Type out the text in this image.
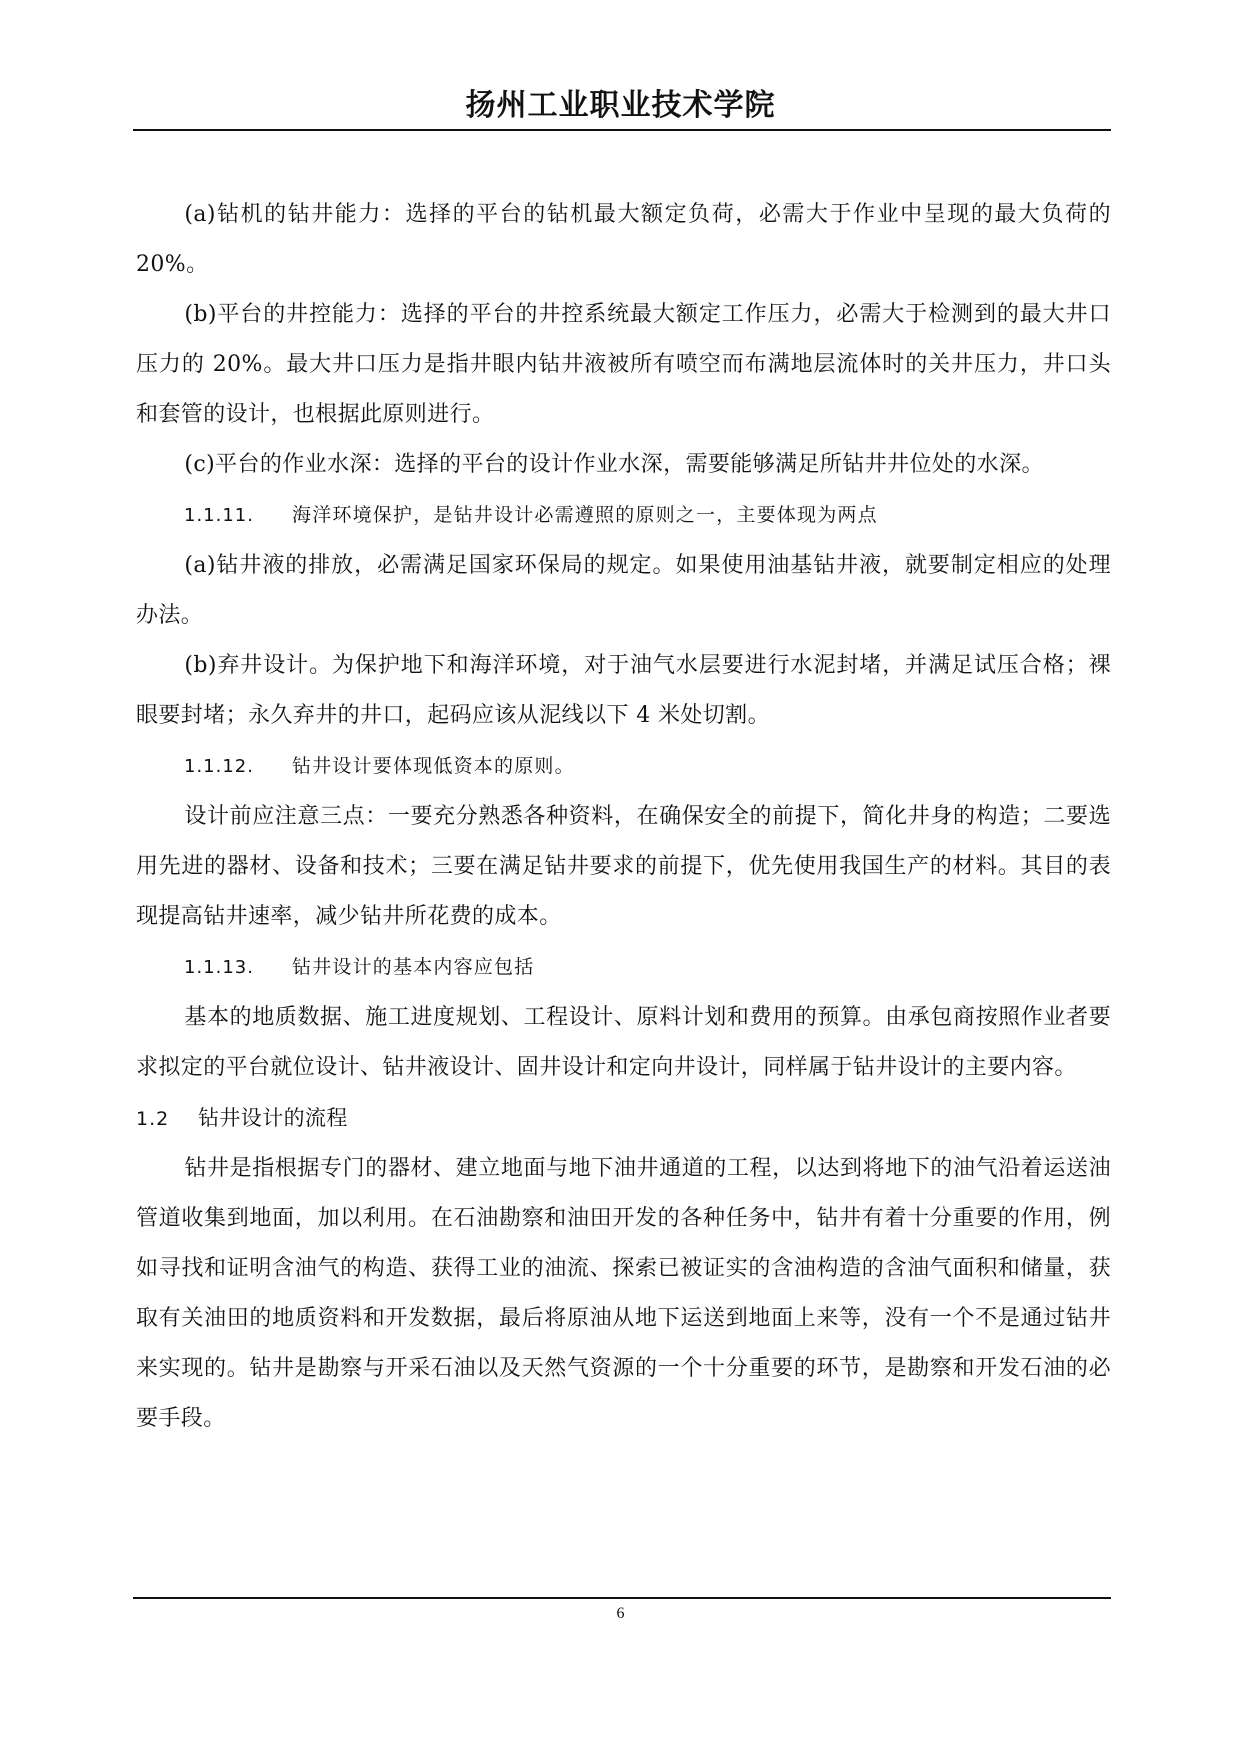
扬州工业职业技术学院

(a)钻机的钻井能力：选择的平台的钻机最大额定负荷，必需大于作业中呈现的最大负荷的 20%。

(b)平台的井控能力：选择的平台的井控系统最大额定工作压力，必需大于检测到的最大井口压力的 20%。最大井口压力是指井眼内钻井液被所有喷空而布满地层流体时的关井压力，井口头和套管的设计，也根据此原则进行。

(c)平台的作业水深：选择的平台的设计作业水深，需要能够满足所钻井井位处的水深。

1.1.11. 海洋环境保护，是钻井设计必需遵照的原则之一，主要体现为两点

(a)钻井液的排放，必需满足国家环保局的规定。如果使用油基钻井液，就要制定相应的处理办法。

(b)弃井设计。为保护地下和海洋环境，对于油气水层要进行水泥封堵，并满足试压合格；裸眼要封堵；永久弃井的井口，起码应该从泥线以下 4 米处切割。

1.1.12. 钻井设计要体现低资本的原则。

设计前应注意三点：一要充分熟悉各种资料，在确保安全的前提下，简化井身的构造；二要选用先进的器材、设备和技术；三要在满足钻井要求的前提下，优先使用我国生产的材料。其目的表现提高钻井速率，减少钻井所花费的成本。

1.1.13. 钻井设计的基本内容应包括

基本的地质数据、施工进度规划、工程设计、原料计划和费用的预算。由承包商按照作业者要求拟定的平台就位设计、钻井液设计、固井设计和定向井设计，同样属于钻井设计的主要内容。

1.2 钻井设计的流程

钻井是指根据专门的器材、建立地面与地下油井通道的工程，以达到将地下的油气沿着运送油管道收集到地面，加以利用。在石油勘察和油田开发的各种任务中，钻井有着十分重要的作用，例如寻找和证明含油气的构造、获得工业的油流、探索已被证实的含油构造的含油气面积和储量，获取有关油田的地质资料和开发数据，最后将原油从地下运送到地面上来等，没有一个不是通过钻井来实现的。钻井是勘察与开采石油以及天然气资源的一个十分重要的环节，是勘察和开发石油的必要手段。

6
